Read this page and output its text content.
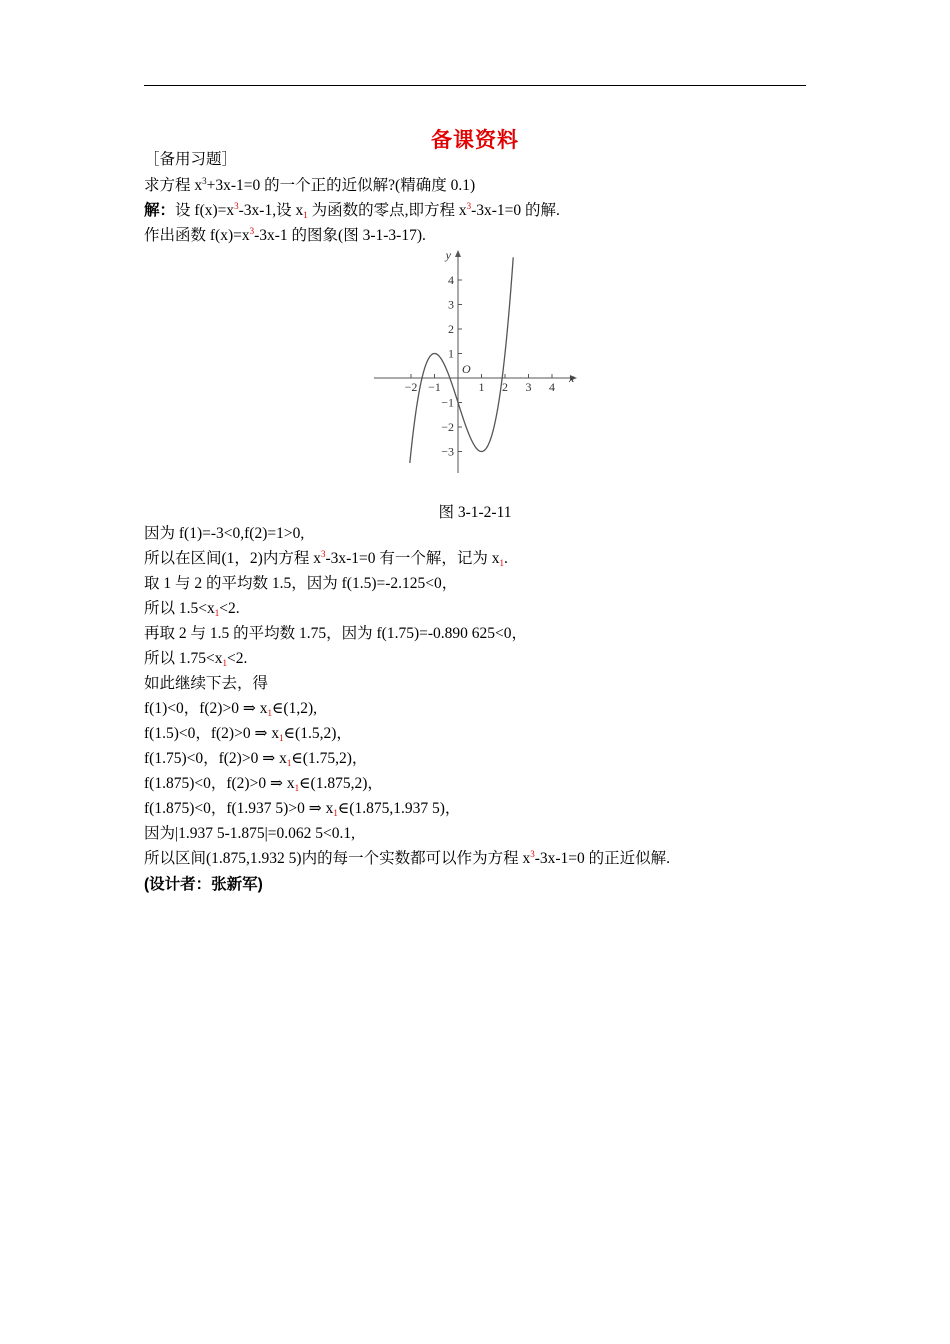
备课资料
［备用习题］
求方程 $x^3+3x-1=0$ 的一个正的近似解?(精确度 0.1)
解：设 $f(x)=x^3-3x-1$,设 $x_1$ 为函数的零点,即方程 $x^3-3x-1=0$ 的解.
作出函数 $f(x)=x^3-3x-1$ 的图象(图 3-1-3-17).
y
x
O
−2 −1	1 2 3 4
4
3
2
1
−1
−2
−3
图 3-1-2-11
因为 f(1)=-3<0,f(2)=1>0,
所以在区间(1，2)内方程 $x^3-3x-1=0$ 有一个解，记为 $x_1$.
取 1 与 2 的平均数 1.5，因为 f(1.5)=-2.125<0，
所以 $1.5<x_1<2$.
再取 2 与 1.5 的平均数 1.75，因为 f(1.75)=-0.890 625<0，
所以 $1.75<x_1<2$.
如此继续下去，得
f(1)<0，f(2)>0 ⇒ $x_1\in(1,2)$,
f(1.5)<0，f(2)>0 ⇒ $x_1\in(1.5,2)$，
f(1.75)<0，f(2)>0 ⇒ $x_1\in(1.75,2)$，
f(1.875)<0，f(2)>0 ⇒ $x_1\in(1.875,2)$，
f(1.875)<0，f(1.937 5)>0 ⇒ $x_1\in(1.875,1.937$ 5)，
因为|1.937 5-1.875|=0.062 5<0.1,
所以区间(1.875,1.932 5)内的每一个实数都可以作为方程 $x^3-3x-1=0$ 的正近似解.
(设计者：张新军)
